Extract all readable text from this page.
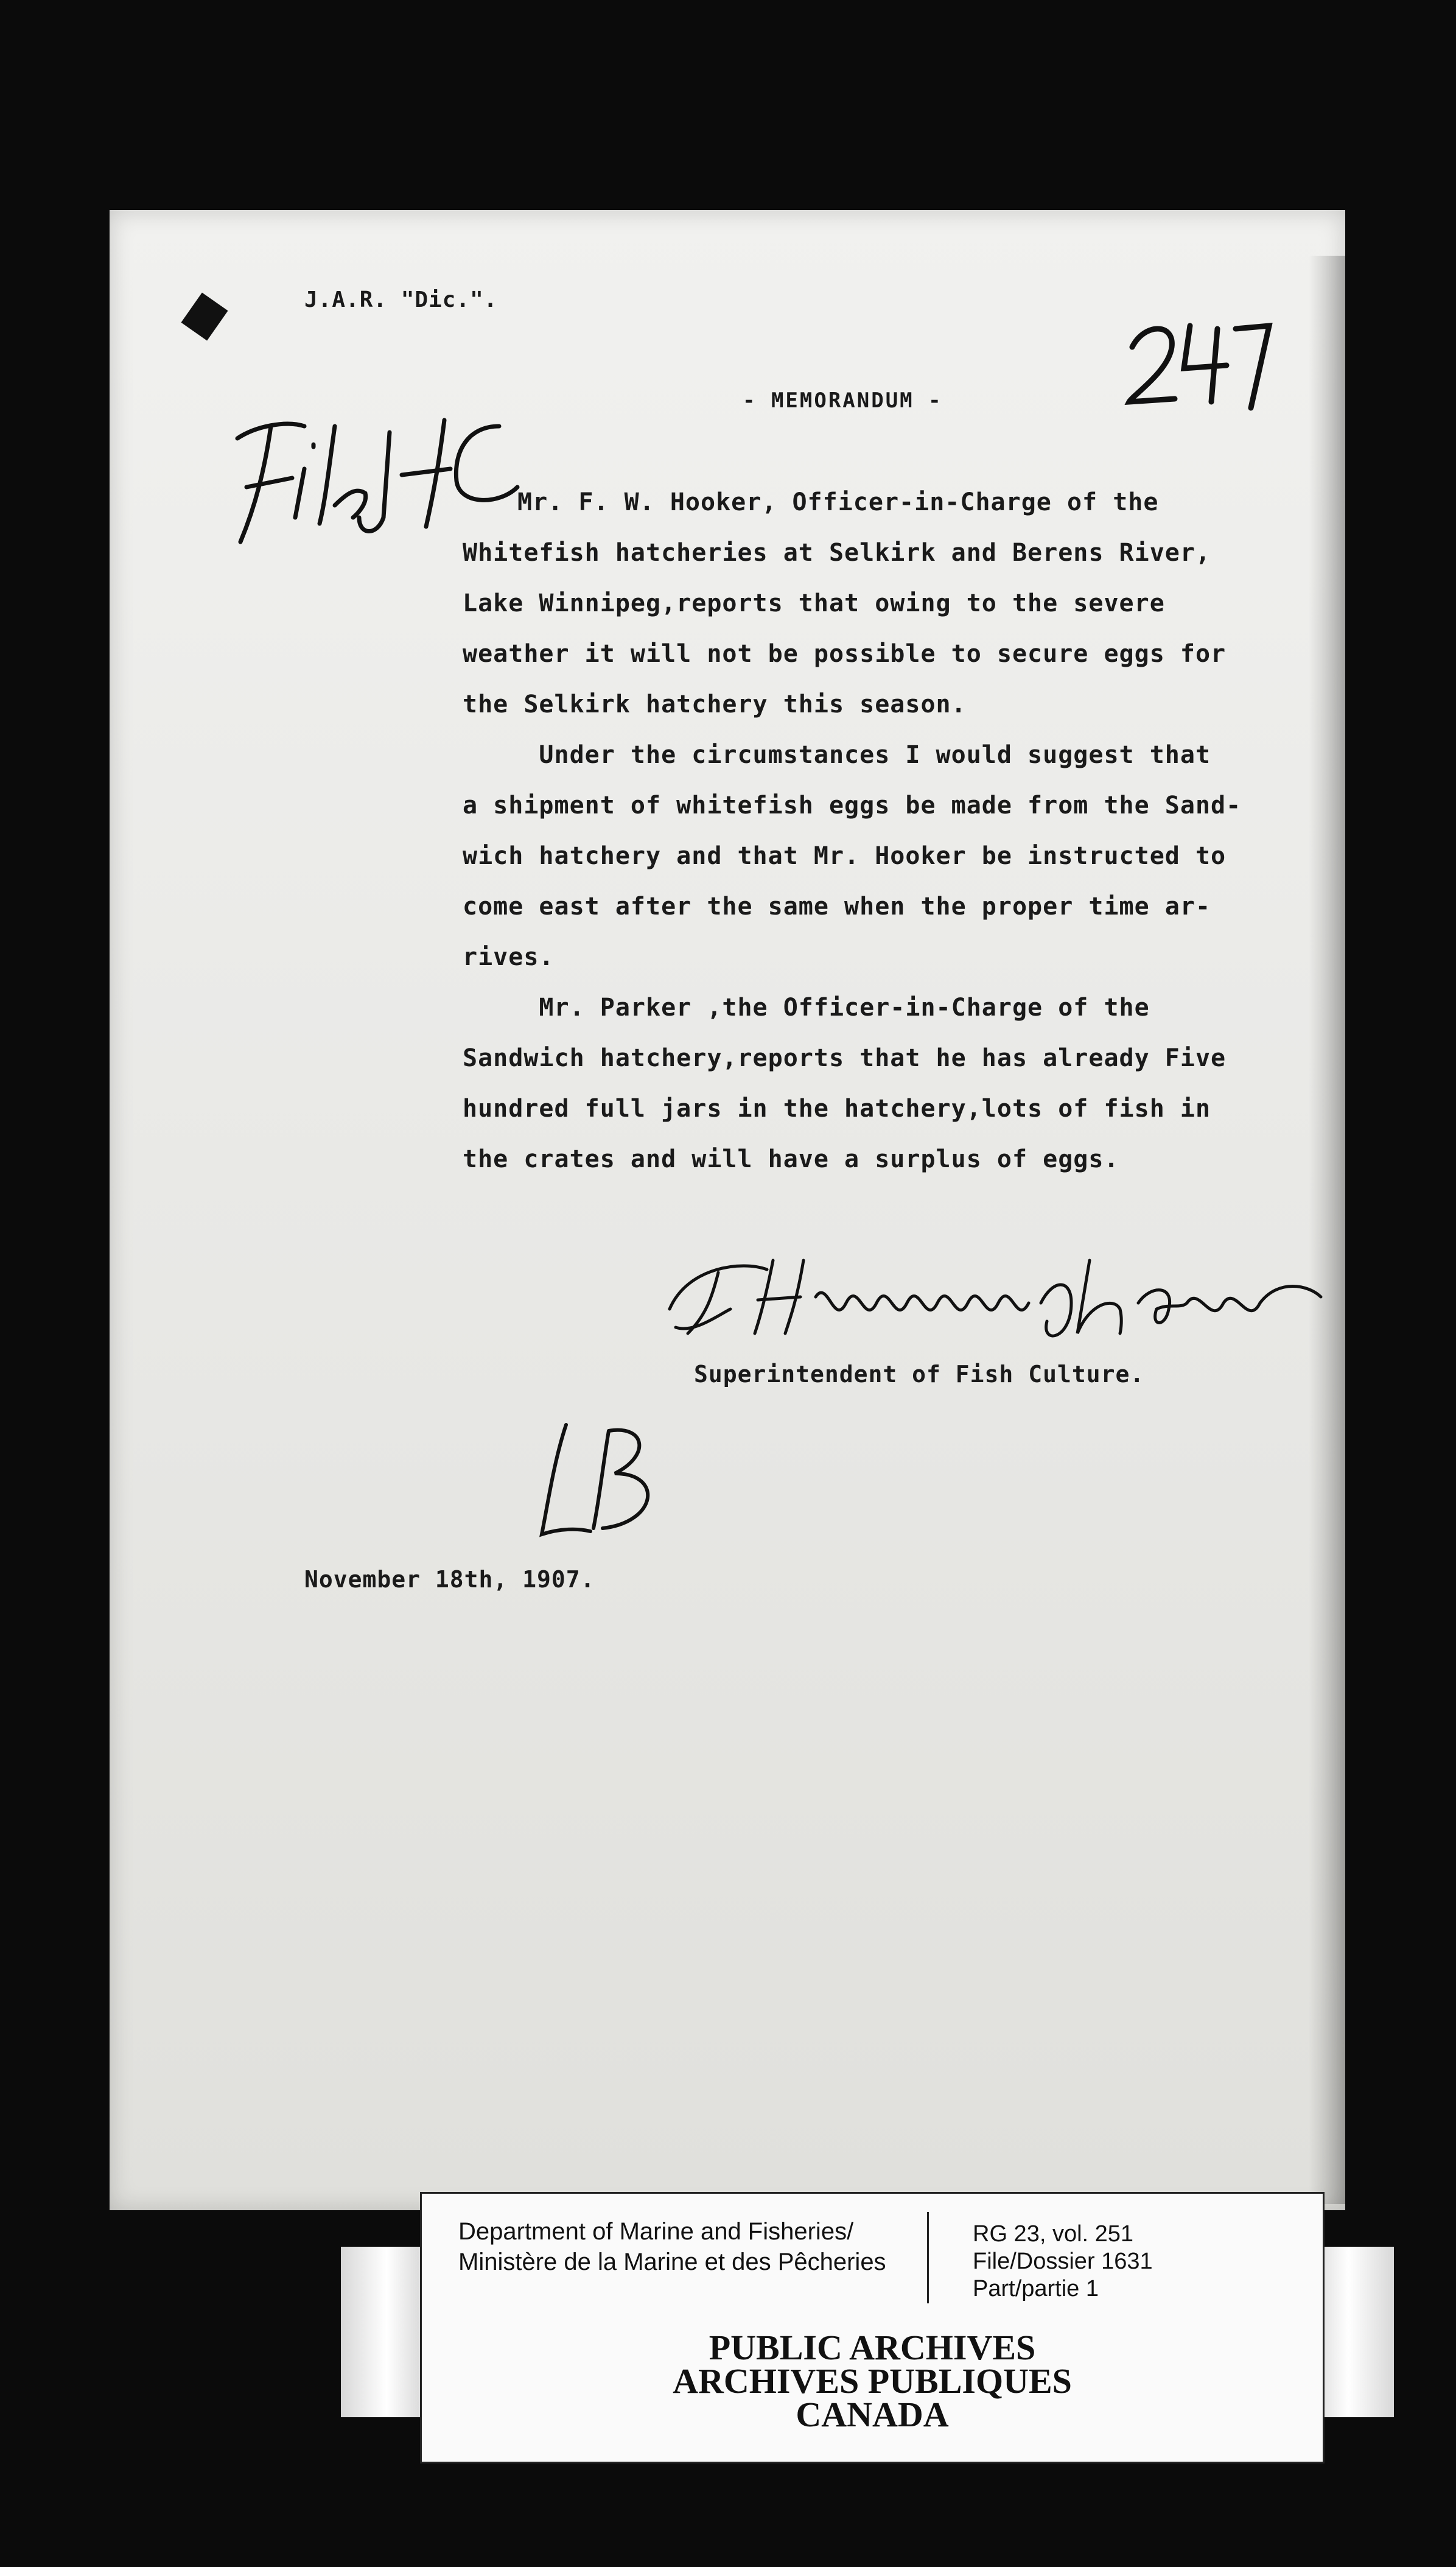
J.A.R. "Dic.".
- MEMORANDUM -
Mr. F. W. Hooker, Officer-in-Charge of the
Whitefish hatcheries at Selkirk and Berens River,
Lake Winnipeg,reports that owing to the severe
weather it will not be possible to secure eggs for
the Selkirk hatchery this season.
Under the circumstances I would suggest that
a shipment of whitefish eggs be made from the Sand-
wich hatchery and that Mr. Hooker be instructed to
come east after the same when the proper time ar-
rives.
Mr. Parker ,the Officer-in-Charge of the
Sandwich hatchery,reports that he has already Five
hundred full jars in the hatchery,lots of fish in
the crates and will have a surplus of eggs.
Superintendent of Fish Culture.
November 18th, 1907.
Department of Marine and Fisheries/
Ministère de la Marine et des Pêcheries
RG 23, vol. 251
File/Dossier 1631
Part/partie 1
PUBLIC ARCHIVES
ARCHIVES PUBLIQUES
CANADA
